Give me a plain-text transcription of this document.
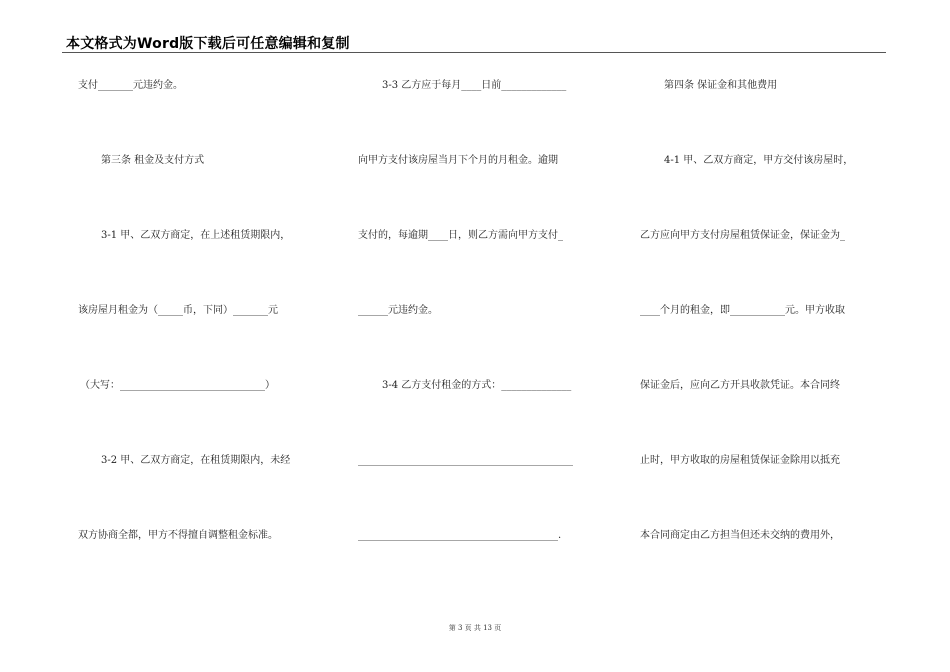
本文格式为Word版下载后可任意编辑和复制
支付_______元违约金。
第三条 租金及支付方式
3-1 甲、乙双方商定，在上述租赁期限内，
该房屋月租金为（_____币，下同）_______元
（大写：_____________________________）
3-2 甲、乙双方商定，在租赁期限内，未经
双方协商全都，甲方不得擅自调整租金标准。
3-3 乙方应于每月____日前_____________
向甲方支付该房屋当月下个月的月租金。逾期
支付的，每逾期____日，则乙方需向甲方支付_
______元违约金。
3-4 乙方支付租金的方式：______________
___________________________________________
________________________________________.
第四条 保证金和其他费用
4-1 甲、乙双方商定，甲方交付该房屋时，
乙方应向甲方支付房屋租赁保证金，保证金为_
____个月的租金，即___________元。甲方收取
保证金后，应向乙方开具收款凭证。本合同终
止时，甲方收取的房屋租赁保证金除用以抵充
本合同商定由乙方担当但还未交纳的费用外，
第 3 页 共 13 页
